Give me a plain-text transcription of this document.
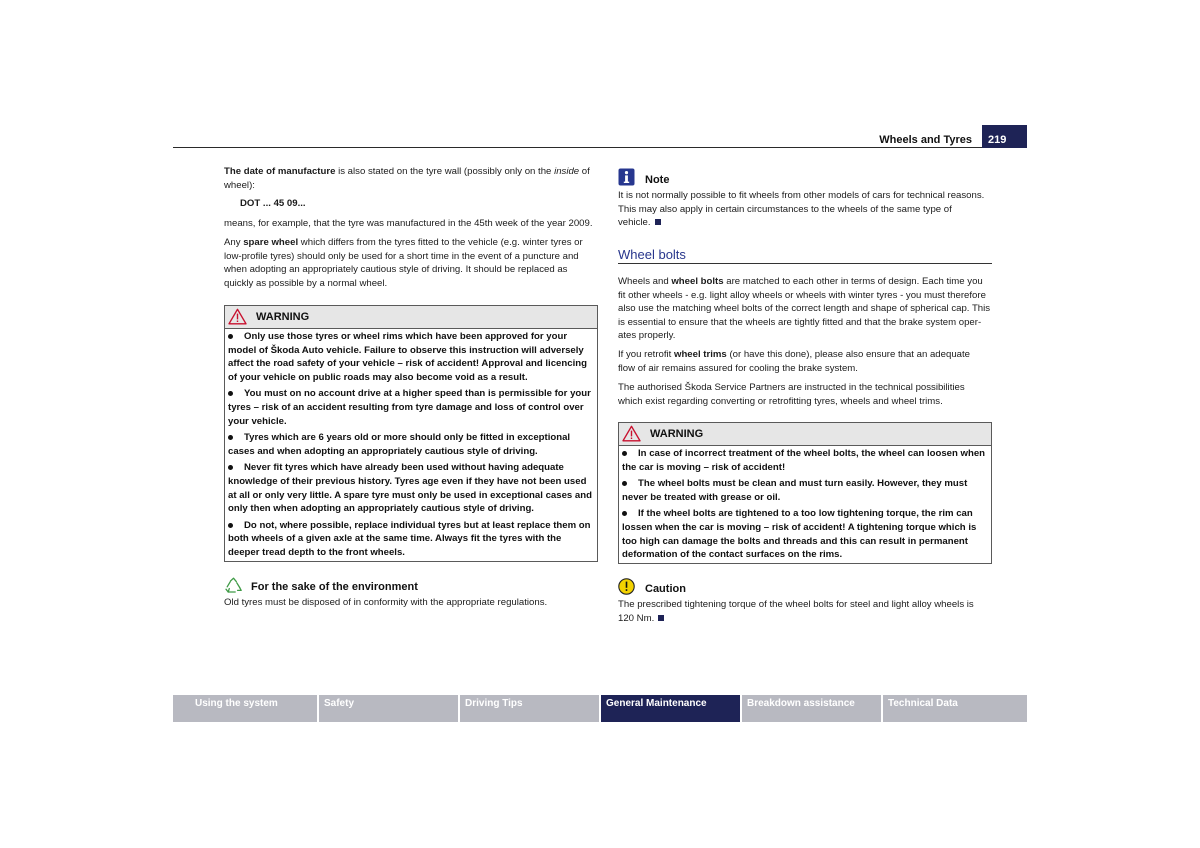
Wheels and Tyres	219
The date of manufacture is also stated on the tyre wall (possibly only on the inside of
wheel):
DOT ... 45 09...
means, for example, that the tyre was manufactured in the 45th week of the year 2009.
Any spare wheel which differs from the tyres fitted to the vehicle (e.g. winter tyres or
low-profile tyres) should only be used for a short time in the event of a puncture and
when adopting an appropriately cautious style of driving. It should be replaced as
quickly as possible by a normal wheel.
WARNING
Only use those tyres or wheel rims which have been approved for your
model of Škoda Auto vehicle. Failure to observe this instruction will adversely
affect the road safety of your vehicle – risk of accident! Approval and licencing
of your vehicle on public roads may also become void as a result.
You must on no account drive at a higher speed than is permissible for your
tyres – risk of an accident resulting from tyre damage and loss of control over
your vehicle.
Tyres which are 6 years old or more should only be fitted in exceptional
cases and when adopting an appropriately cautious style of driving.
Never fit tyres which have already been used without having adequate
knowledge of their previous history. Tyres age even if they have not been used
at all or only very little. A spare tyre must only be used in exceptional cases and
only then when adopting an appropriately cautious style of driving.
Do not, where possible, replace individual tyres but at least replace them on
both wheels of a given axle at the same time. Always fit the tyres with the
deeper tread depth to the front wheels.
For the sake of the environment
Old tyres must be disposed of in conformity with the appropriate regulations.
Note
It is not normally possible to fit wheels from other models of cars for technical reasons.
This may also apply in certain circumstances to the wheels of the same type of
vehicle.
Wheel bolts
Wheels and wheel bolts are matched to each other in terms of design. Each time you
fit other wheels - e.g. light alloy wheels or wheels with winter tyres - you must therefore
also use the matching wheel bolts of the correct length and shape of spherical cap. This
is essential to ensure that the wheels are tightly fitted and that the brake system oper-
ates properly.
If you retrofit wheel trims (or have this done), please also ensure that an adequate
flow of air remains assured for cooling the brake system.
The authorised Škoda Service Partners are instructed in the technical possibilities
which exist regarding converting or retrofitting tyres, wheels and wheel trims.
WARNING
In case of incorrect treatment of the wheel bolts, the wheel can loosen when
the car is moving – risk of accident!
The wheel bolts must be clean and must turn easily. However, they must
never be treated with grease or oil.
If the wheel bolts are tightened to a too low tightening torque, the rim can
lossen when the car is moving – risk of accident! A tightening torque which is
too high can damage the bolts and threads and this can result in permanent
deformation of the contact surfaces on the rims.
Caution
The prescribed tightening torque of the wheel bolts for steel and light alloy wheels is
120 Nm.
Using the system	Safety	Driving Tips	General Maintenance	Breakdown assistance	Technical Data
